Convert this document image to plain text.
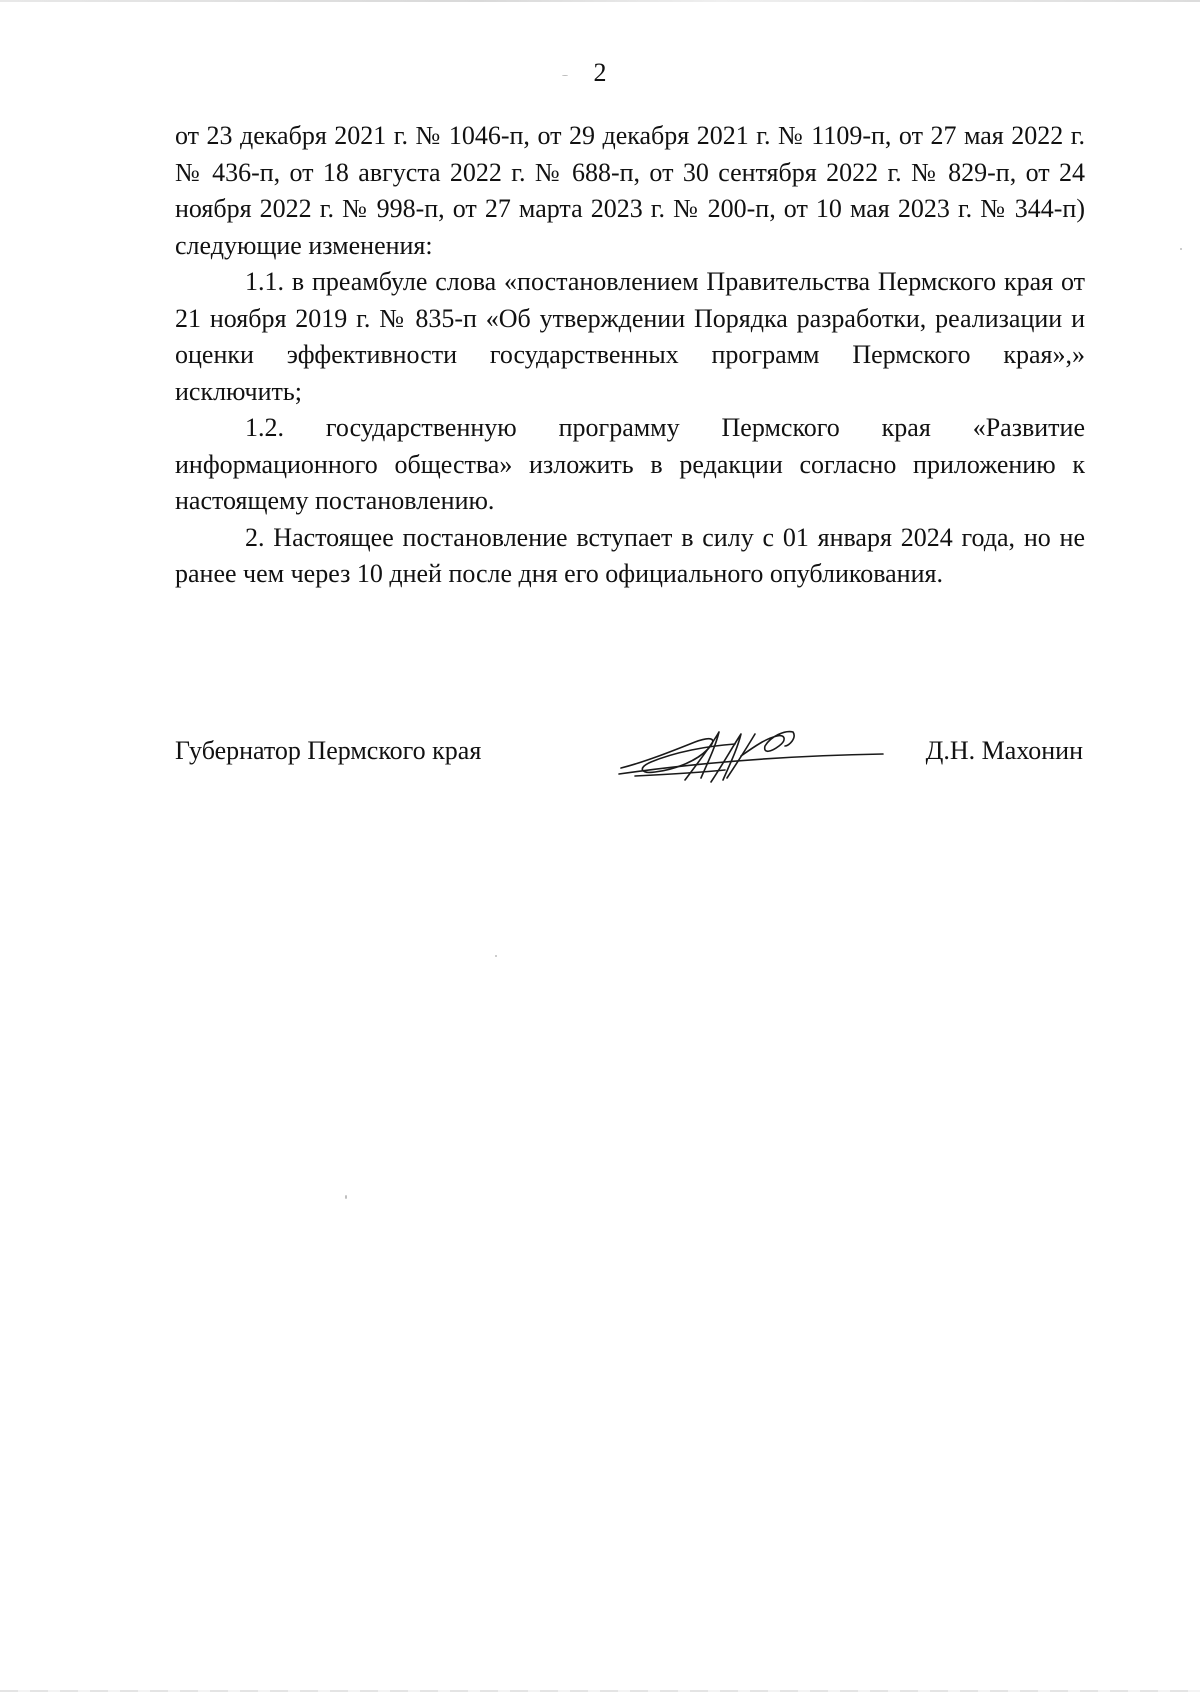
2

от 23 декабря 2021 г. № 1046-п, от 29 декабря 2021 г. № 1109-п, от 27 мая 2022 г. № 436-п, от 18 августа 2022 г. № 688-п, от 30 сентября 2022 г. № 829-п, от 24 ноября 2022 г. № 998-п, от 27 марта 2023 г. № 200-п, от 10 мая 2023 г. № 344-п) следующие изменения:

1.1. в преамбуле слова «постановлением Правительства Пермского края от 21 ноября 2019 г. № 835-п «Об утверждении Порядка разработки, реализации и оценки эффективности государственных программ Пермского края»,» исключить;

1.2. государственную программу Пермского края «Развитие информационного общества» изложить в редакции согласно приложению к настоящему постановлению.

2. Настоящее постановление вступает в силу с 01 января 2024 года, но не ранее чем через 10 дней после дня его официального опубликования.

Губернатор Пермского края	Д.Н. Махонин
